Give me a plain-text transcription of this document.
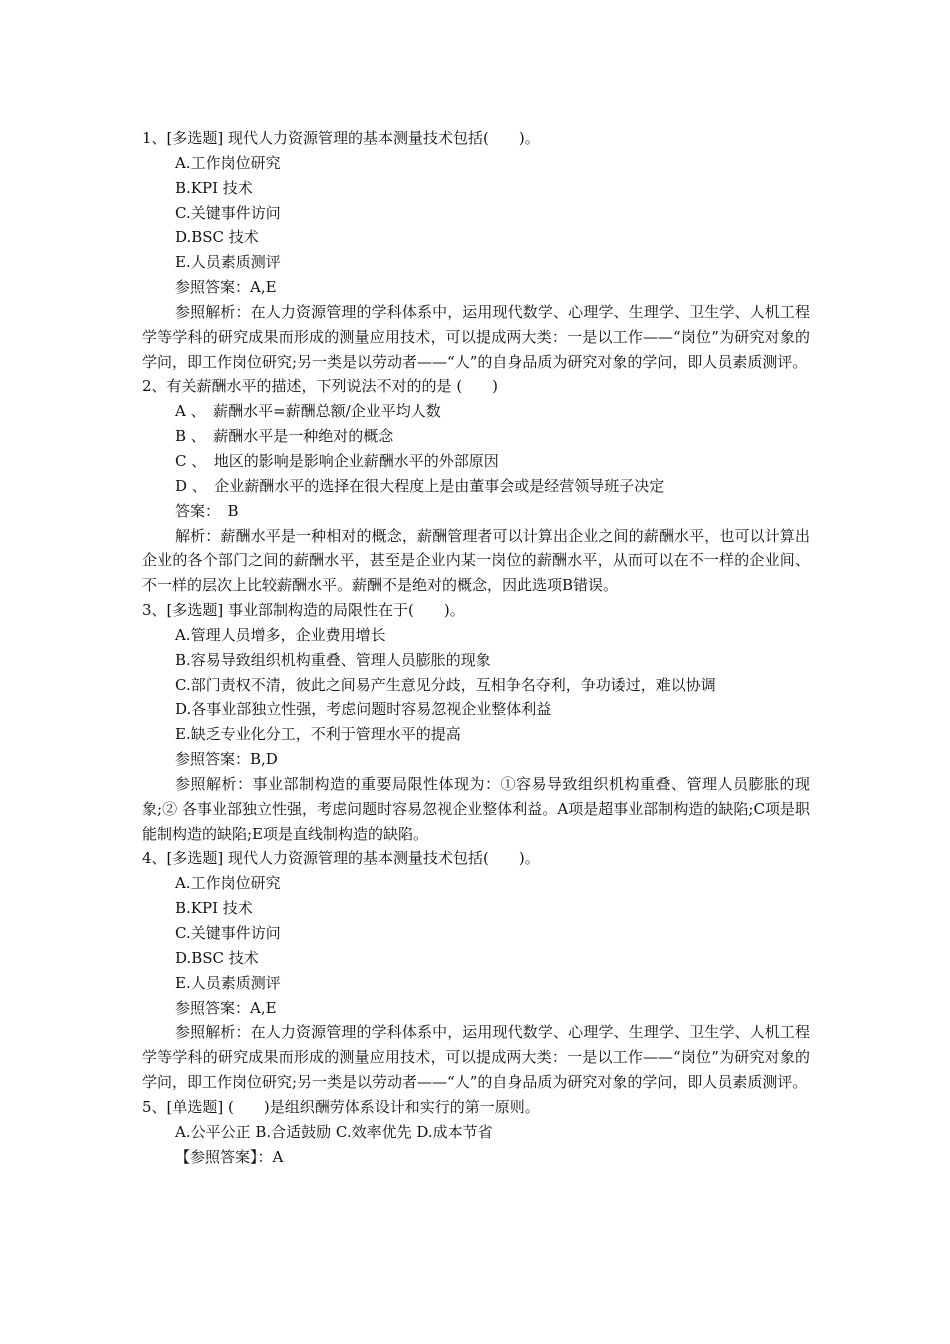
1、[多选题] 现代人力资源管理的基本测量技术包括(　　)。
A.工作岗位研究
B.KPI 技术
C.关键事件访问
D.BSC 技术
E.人员素质测评
参照答案：A,E

参照解析：在人力资源管理的学科体系中，运用现代数学、心理学、生理学、卫生学、人机工程学等学科的研究成果而形成的测量应用技术，可以提成两大类：一是以工作——“岗位”为研究对象的学问，即工作岗位研究;另一类是以劳动者——“人”的自身品质为研究对象的学问，即人员素质测评。

2、有关薪酬水平的描述，下列说法不对的的是 (　　)
A 、　薪酬水平=薪酬总额/企业平均人数
B 、　薪酬水平是一种绝对的概念
C 、　地区的影响是影响企业薪酬水平的外部原因
D 、　企业薪酬水平的选择在很大程度上是由董事会或是经营领导班子决定
答案：　B

解析：薪酬水平是一种相对的概念，薪酬管理者可以计算出企业之间的薪酬水平，也可以计算出企业的各个部门之间的薪酬水平，甚至是企业内某一岗位的薪酬水平，从而可以在不一样的企业间、不一样的层次上比较薪酬水平。薪酬不是绝对的概念，因此选项B错误。

3、[多选题] 事业部制构造的局限性在于(　　)。
A.管理人员增多，企业费用增长
B.容易导致组织机构重叠、管理人员膨胀的现象
C.部门责权不清，彼此之间易产生意见分歧，互相争名夺利，争功诿过，难以协调
D.各事业部独立性强，考虑问题时容易忽视企业整体利益
E.缺乏专业化分工，不利于管理水平的提高
参照答案：B,D

参照解析：事业部制构造的重要局限性体现为：①容易导致组织机构重叠、管理人员膨胀的现象;② 各事业部独立性强，考虑问题时容易忽视企业整体利益。A项是超事业部制构造的缺陷;C项是职能制构造的缺陷;E项是直线制构造的缺陷。

4、[多选题] 现代人力资源管理的基本测量技术包括(　　)。
A.工作岗位研究
B.KPI 技术
C.关键事件访问
D.BSC 技术
E.人员素质测评
参照答案：A,E

参照解析：在人力资源管理的学科体系中，运用现代数学、心理学、生理学、卫生学、人机工程学等学科的研究成果而形成的测量应用技术，可以提成两大类：一是以工作——“岗位”为研究对象的学问，即工作岗位研究;另一类是以劳动者——“人”的自身品质为研究对象的学问，即人员素质测评。

5、[单选题] (　　)是组织酬劳体系设计和实行的第一原则。
A.公平公正 B.合适鼓励 C.效率优先 D.成本节省
【参照答案】：A
